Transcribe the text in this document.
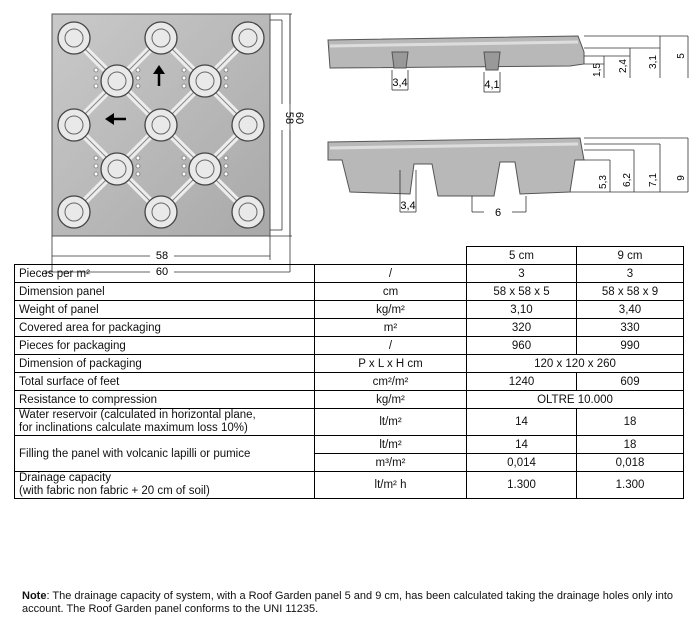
58
60
58
60
3,4	4,1
1,5 2,4 3,1 5
3,4
6
5,3 6,2 7,1 9
		5 cm	9 cm
Pieces per m²	/	3	3
Dimension panel	cm	58 x 58 x 5	58 x 58 x 9
Weight of panel	kg/m²	3,10	3,40
Covered area for packaging	m²	320	330
Pieces for packaging	/	960	990
Dimension of packaging	P x L x H cm	120 x 120 x 260	
Total surface of feet	cm²/m²	1240	609
Resistance to compression	kg/m²	OLTRE 10.000	
Water reservoir (calculated in horizontal plane,
for inclinations calculate maximum loss 10%)	lt/m²	14	18
Filling the panel with volcanic lapilli or pumice	lt/m²	14	18
	m³/m²	0,014	0,018
Drainage capacity
(with fabric non fabric + 20 cm of soil)	lt/m² h	1.300	1.300
Note: The drainage capacity of system, with a Roof Garden panel 5 and 9 cm, has been calculated taking the drainage holes only into account. The Roof Garden panel conforms to the UNI 11235.
